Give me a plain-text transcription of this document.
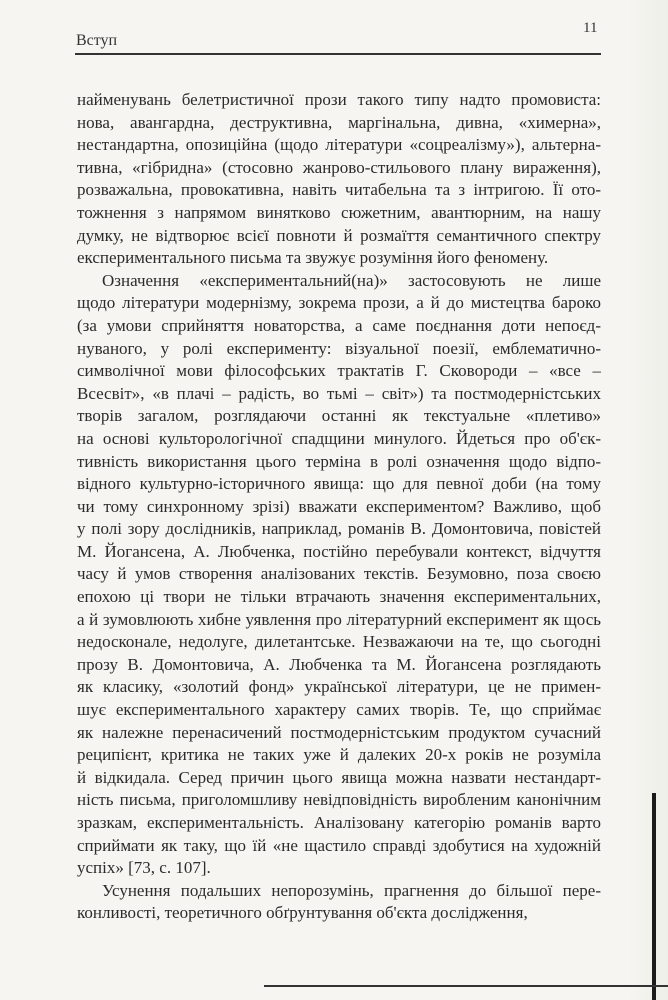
Вступ
11
найменувань белетристичної прози такого типу надто промовиста:
нова, авангардна, деструктивна, маргінальна, дивна, «химерна»,
нестандартна, опозиційна (щодо літератури «соцреалізму»), альтерна-
тивна, «гібридна» (стосовно жанрово-стильового плану вираження),
розважальна, провокативна, навіть читабельна та з інтригою. Її ото-
тожнення з напрямом винятково сюжетним, авантюрним, на нашу
думку, не відтворює всієї повноти й розмаїття семантичного спектру
експериментального письма та звужує розуміння його феномену.
Означення «експериментальний(на)» застосовують не лише
щодо літератури модернізму, зокрема прози, а й до мистецтва бароко
(за умови сприйняття новаторства, а саме поєднання доти непоєд-
нуваного, у ролі експерименту: візуальної поезії, емблематично-
символічної мови філософських трактатів Г. Сковороди – «все –
Всесвіт», «в плачі – радість, во тьмі – світ») та постмодерністських
творів загалом, розглядаючи останні як текстуальне «плетиво»
на основі культорологічної спадщини минулого. Йдеться про об'єк-
тивність використання цього терміна в ролі означення щодо відпо-
відного культурно-історичного явища: що для певної доби (на тому
чи тому синхронному зрізі) вважати експериментом? Важливо, щоб
у полі зору дослідників, наприклад, романів В. Домонтовича, повістей
М. Йогансена, А. Любченка, постійно перебували контекст, відчуття
часу й умов створення аналізованих текстів. Безумовно, поза своєю
епохою ці твори не тільки втрачають значення експериментальних,
а й зумовлюють хибне уявлення про літературний експеримент як щось
недосконале, недолуге, дилетантське. Незважаючи на те, що сьогодні
прозу В. Домонтовича, А. Любченка та М. Йогансена розглядають
як класику, «золотий фонд» української літератури, це не примен-
шує експериментального характеру самих творів. Те, що сприймає
як належне перенасичений постмодерністським продуктом сучасний
реципієнт, критика не таких уже й далеких 20-х років не розуміла
й відкидала. Серед причин цього явища можна назвати нестандарт-
ність письма, приголомшливу невідповідність виробленим канонічним
зразкам, експериментальність. Аналізовану категорію романів варто
сприймати як таку, що їй «не щастило справді здобутися на художній
успіх» [73, с. 107].
Усунення подальших непорозумінь, прагнення до більшої пере-
конливості, теоретичного обґрунтування об'єкта дослідження,
